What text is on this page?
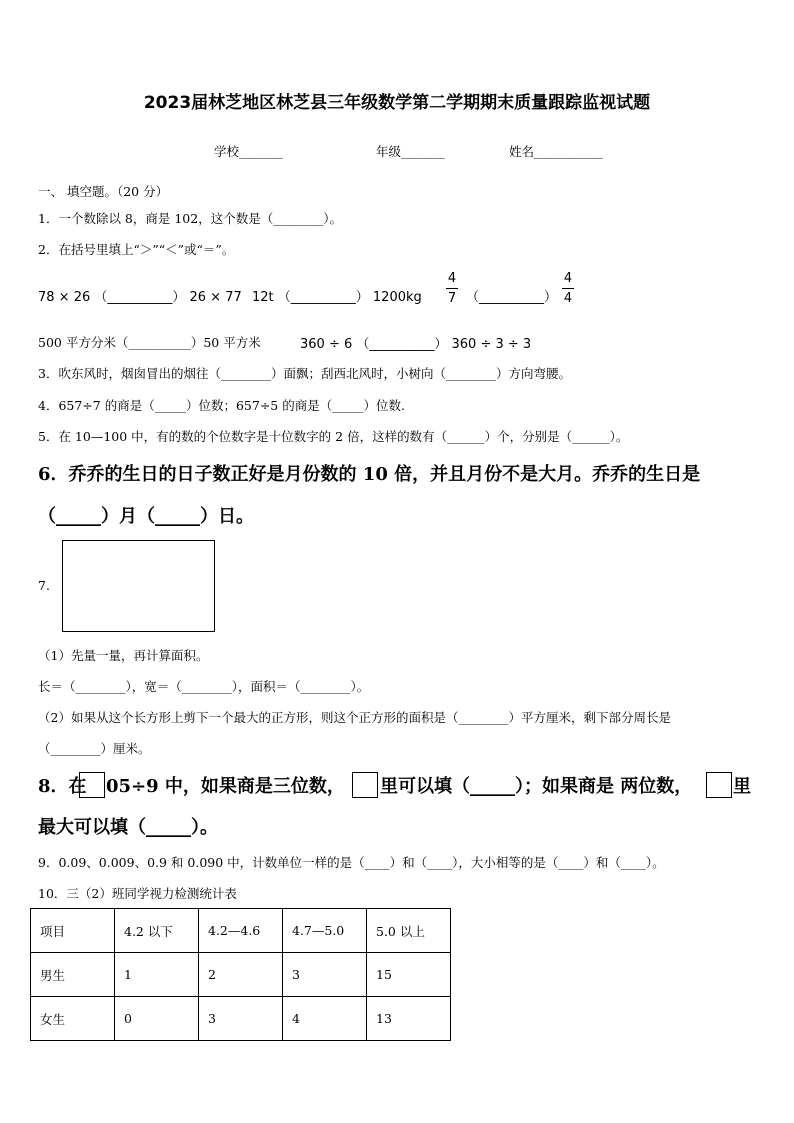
2023届林芝地区林芝县三年级数学第二学期期末质量跟踪监视试题
学校_______	年级_______	姓名___________
一、 填空题。（20 分）
1．一个数除以 8，商是 102，这个数是（________）。
2．在括号里填上“＞”“＜”或“＝”。
78 × 26 （__________） 26 × 77 12t （__________） 1200kg
4
7 （__________）
4
4
500 平方分米（__________）50 平方米	360 ÷ 6 （__________） 360 ÷ 3 ÷ 3
3．吹东风时，烟囱冒出的烟往（________）面飘；刮西北风时，小树向（________）方向弯腰。
4．657÷7 的商是（_____）位数；657÷5 的商是（_____）位数.
5．在 10—100 中，有的数的个位数字是十位数字的 2 倍，这样的数有（______）个，分别是（______）。
6．乔乔的生日的日子数正好是月份数的 10 倍，并且月份不是大月。乔乔的生日是
（_____）月（_____）日。
7.
（1）先量一量，再计算面积。
长＝（________），宽＝（________），面积＝（________）。
（2）如果从这个长方形上剪下一个最大的正方形，则这个正方形的面积是（________）平方厘米，剩下部分周长是
（________）厘米。
8．在 05÷9 中，如果商是三位数， 里可以填（_____）；如果商是 两位数， 里
最大可以填（_____）。
9．0.09、0.009、0.9 和 0.090 中，计数单位一样的是（____）和（____），大小相等的是（____）和（____）。
10．三（2）班同学视力检测统计表
项目	4.2 以下	4.2—4.6	4.7—5.0	5.0 以上
男生	1	2	3	15
女生	0	3	4	13
